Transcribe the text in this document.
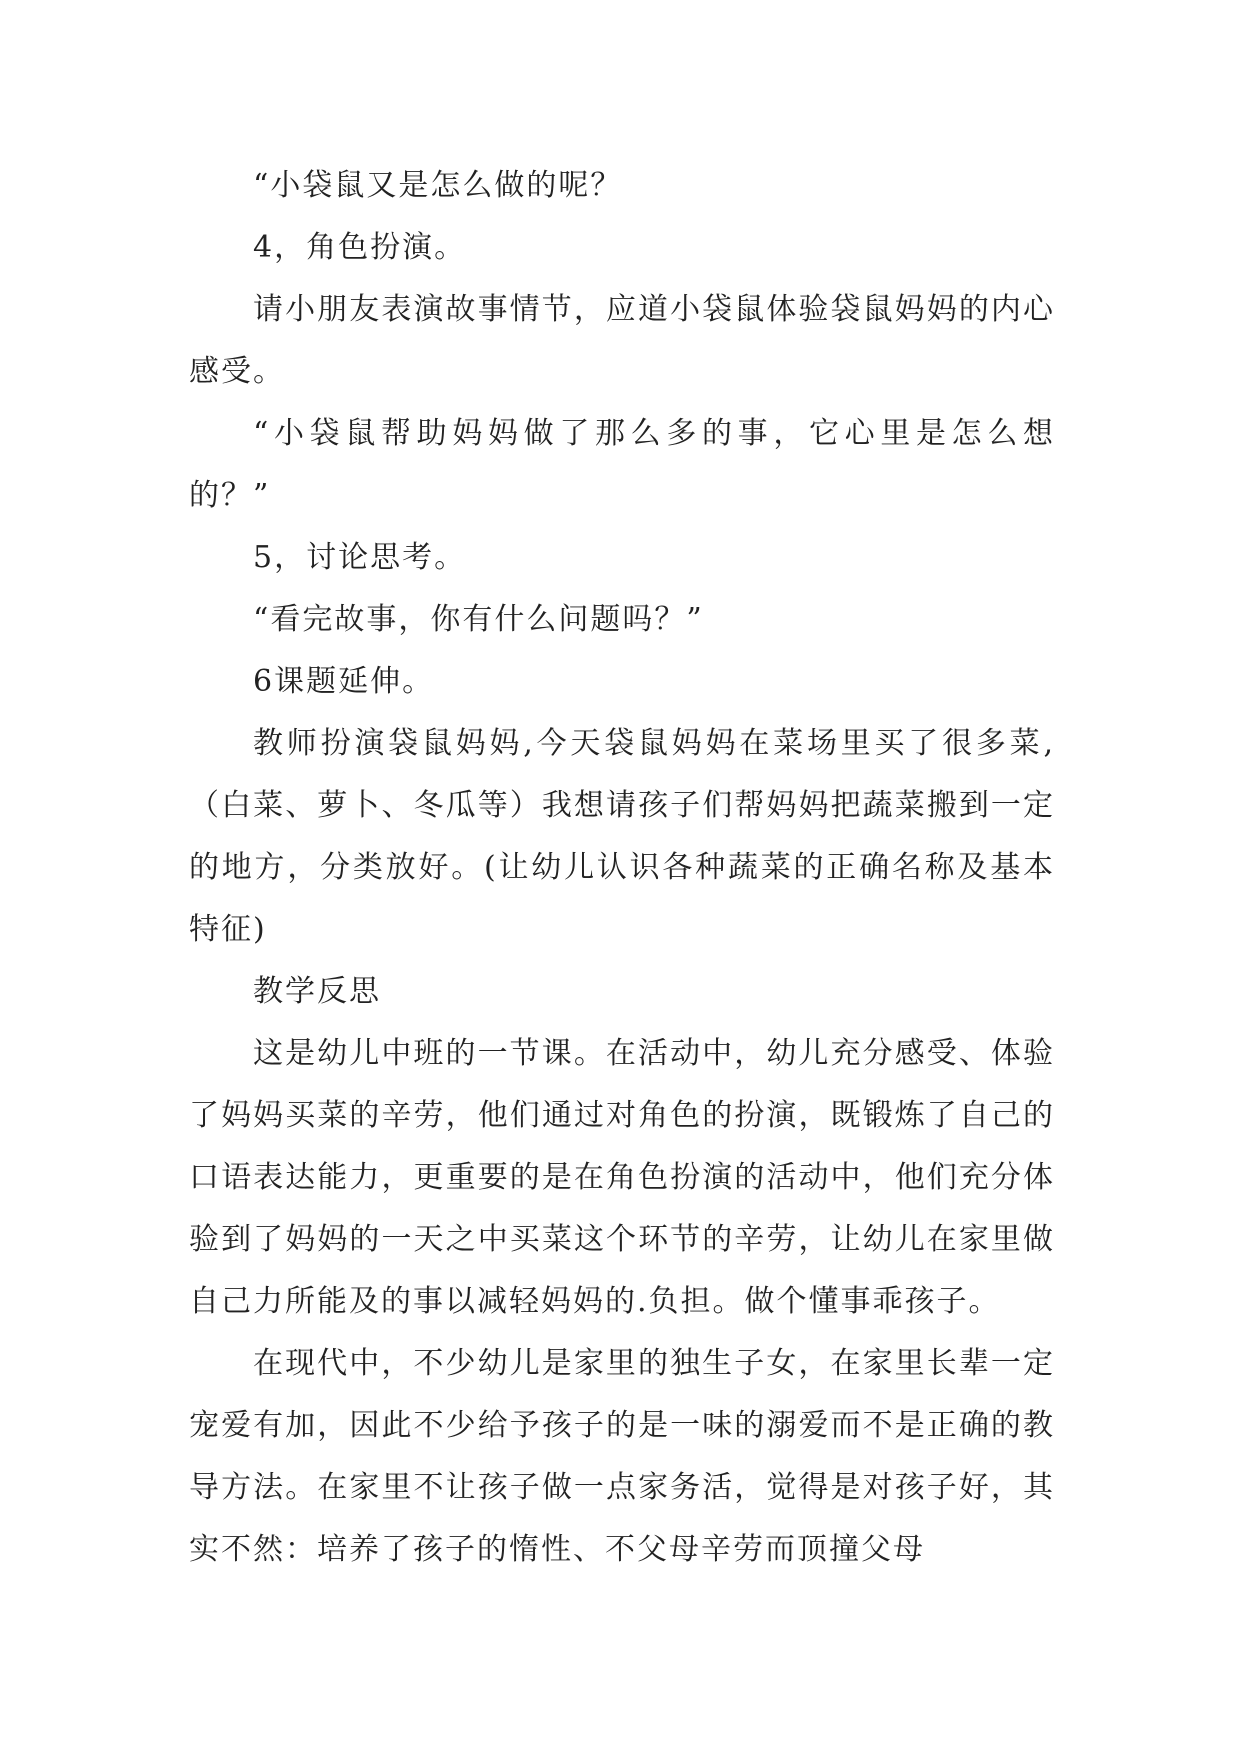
“小袋鼠又是怎么做的呢？

4，角色扮演。

请小朋友表演故事情节，应道小袋鼠体验袋鼠妈妈的内心感受。

“小袋鼠帮助妈妈做了那么多的事，它心里是怎么想的？”

5，讨论思考。

“看完故事，你有什么问题吗？”

6课题延伸。

教师扮演袋鼠妈妈,今天袋鼠妈妈在菜场里买了很多菜,（白菜、萝卜、冬瓜等）我想请孩子们帮妈妈把蔬菜搬到一定的地方，分类放好。(让幼儿认识各种蔬菜的正确名称及基本特征)

教学反思

这是幼儿中班的一节课。在活动中，幼儿充分感受、体验了妈妈买菜的辛劳，他们通过对角色的扮演，既锻炼了自己的口语表达能力，更重要的是在角色扮演的活动中，他们充分体验到了妈妈的一天之中买菜这个环节的辛劳，让幼儿在家里做自己力所能及的事以减轻妈妈的.负担。做个懂事乖孩子。

在现代中，不少幼儿是家里的独生子女，在家里长辈一定宠爱有加，因此不少给予孩子的是一味的溺爱而不是正确的教导方法。在家里不让孩子做一点家务活，觉得是对孩子好，其实不然：培养了孩子的惰性、不父母辛劳而顶撞父母
